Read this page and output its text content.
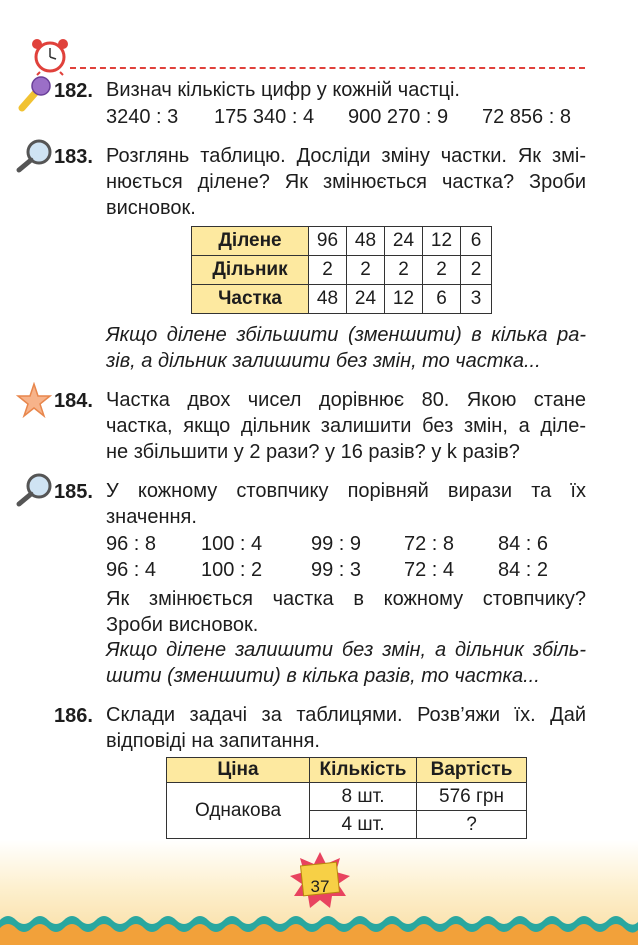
182. Визнач кількість цифр у кожній частці.
3240 : 3 175 340 : 4 900 270 : 9 72 856 : 8
183. Розглянь таблицю. Досліди зміну частки. Як змі-
нюється ділене? Як змінюється частка? Зроби
висновок.
Ділене	96	48	24	12	6
Дільник	2	2	2	2	2
Частка	48	24	12	6	3
Якщо ділене збільшити (зменшити) в кілька ра-
зів, а дільник залишити без змін, то частка...
184. Частка двох чисел дорівнює 80. Якою стане
частка, якщо дільник залишити без змін, а діле-
не збільшити у 2 рази? у 16 разів? у k разів?
185. У кожному стовпчику порівняй вирази та їх
значення.
96 : 8 100 : 4 99 : 9 72 : 8 84 : 6
96 : 4 100 : 2 99 : 3 72 : 4 84 : 2
Як змінюється частка в кожному стовпчику?
Зроби висновок.
Якщо ділене залишити без змін, а дільник збіль-
шити (зменшити) в кілька разів, то частка...
186. Склади задачі за таблицями. Розв’яжи їх. Дай
відповіді на запитання.
Ціна	Кількість	Вартість
Однакова	8 шт.	576 грн
	4 шт.	?
37
